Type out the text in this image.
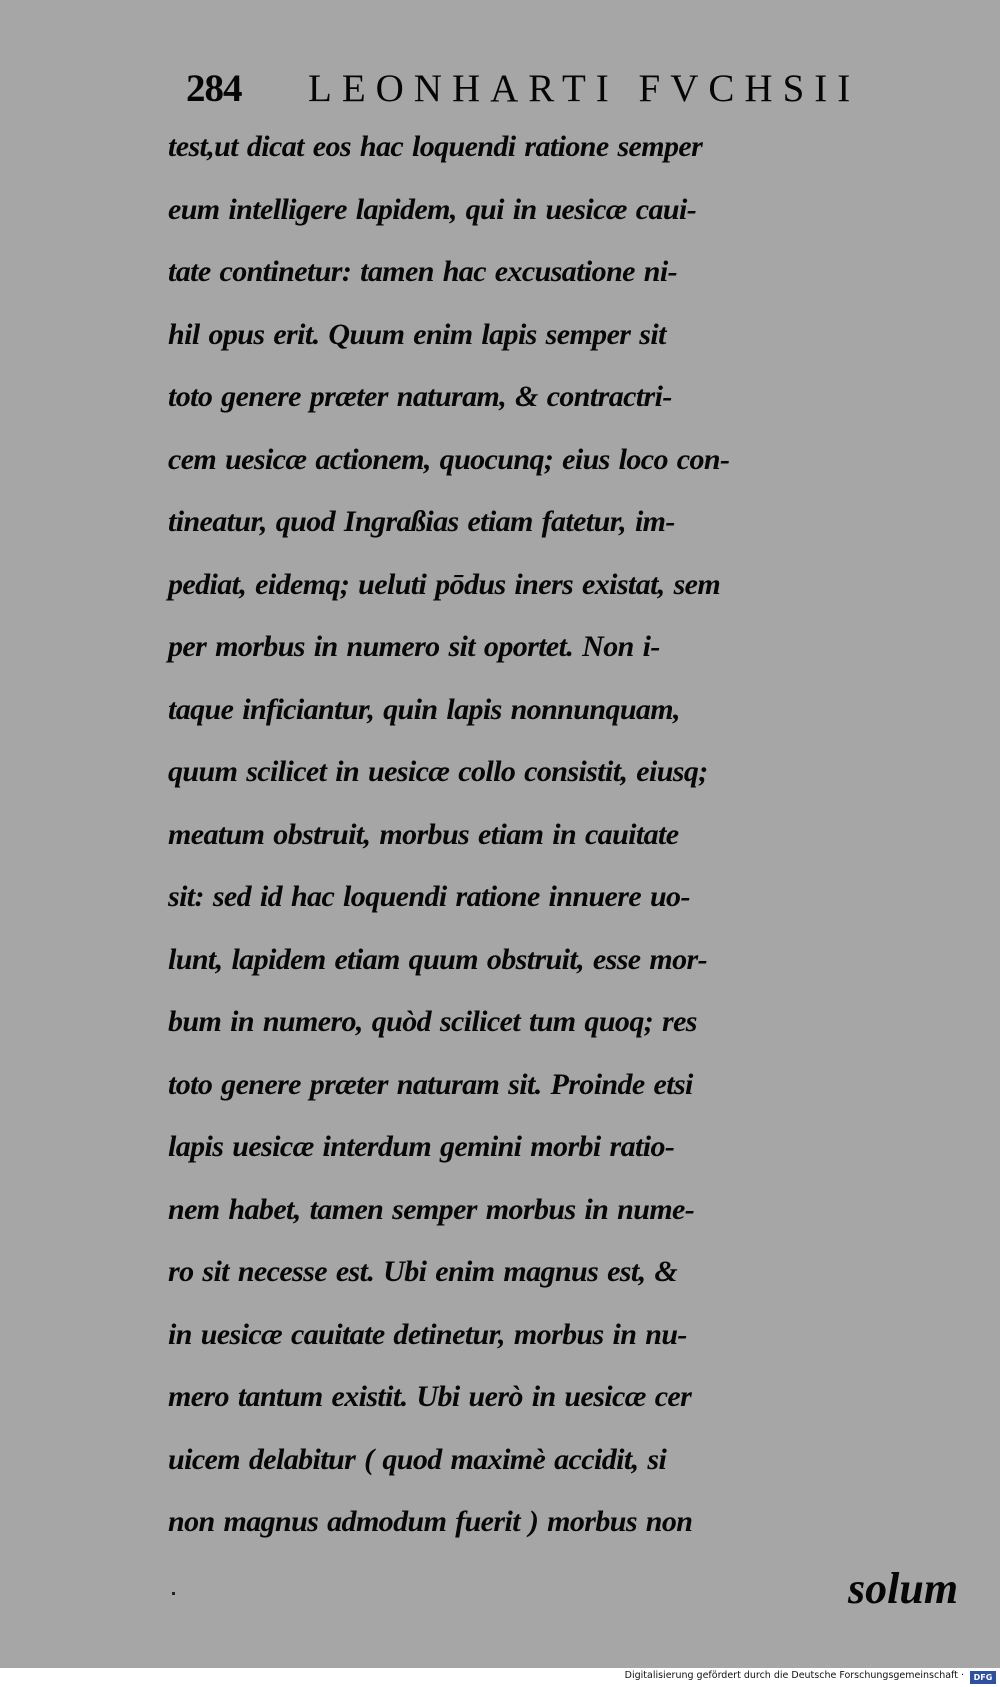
284 LEONHARTI FVCHSII
test,ut dicat eos hac loquendi ratione semper
eum intelligere lapidem, qui in uesicæ caui-
tate continetur: tamen hac excusatione ni-
hil opus erit. Quum enim lapis semper sit
toto genere præter naturam, & contractri-
cem uesicæ actionem, quocunq; eius loco con-
tineatur, quod Ingraßias etiam fatetur, im-
pediat, eidemq; ueluti pōdus iners existat, sem
per morbus in numero sit oportet. Non i-
taque inficiantur, quin lapis nonnunquam,
quum scilicet in uesicæ collo consistit, eiusq;
meatum obstruit, morbus etiam in cauitate
sit: sed id hac loquendi ratione innuere uo-
lunt, lapidem etiam quum obstruit, esse mor-
bum in numero, quòd scilicet tum quoq; res
toto genere præter naturam sit. Proinde etsi
lapis uesicæ interdum gemini morbi ratio-
nem habet, tamen semper morbus in nume-
ro sit necesse est. Ubi enim magnus est, &
in uesicæ cauitate detinetur, morbus in nu-
mero tantum existit. Ubi uerò in uesicæ cer
uicem delabitur ( quod maximè accidit, si
non magnus admodum fuerit ) morbus non
solum
Digitalisierung gefördert durch die Deutsche Forschungsgemeinschaft ·	DFG
